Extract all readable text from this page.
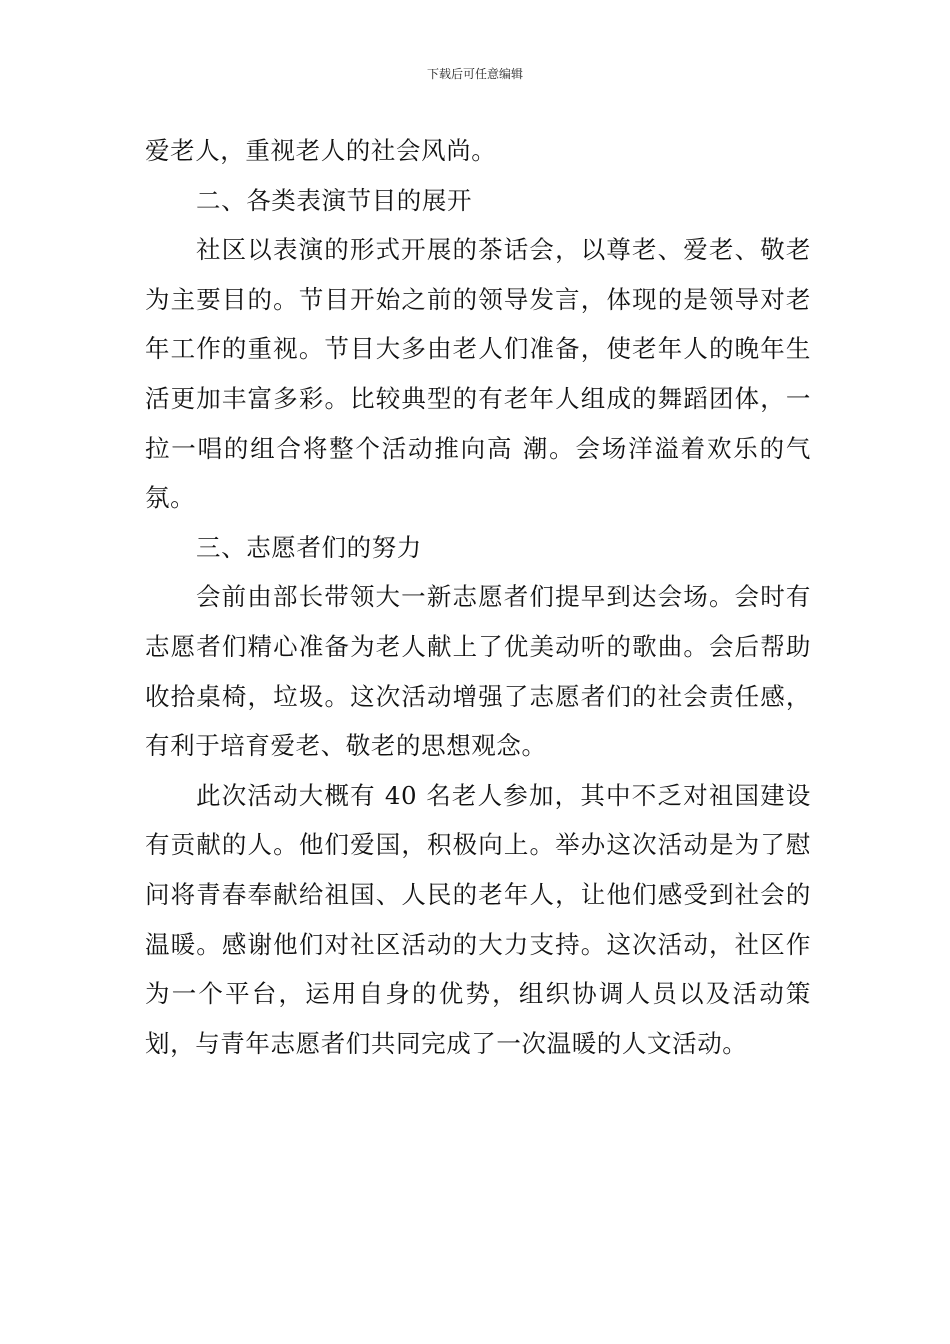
下载后可任意编辑

爱老人，重视老人的社会风尚。

二、各类表演节目的展开

社区以表演的形式开展的茶话会，以尊老、爱老、敬老为主要目的。节目开始之前的领导发言，体现的是领导对老年工作的重视。节目大多由老人们准备，使老年人的晚年生活更加丰富多彩。比较典型的有老年人组成的舞蹈团体，一拉一唱的组合将整个活动推向高 潮。会场洋溢着欢乐的气氛。

三、志愿者们的努力

会前由部长带领大一新志愿者们提早到达会场。会时有志愿者们精心准备为老人献上了优美动听的歌曲。会后帮助收拾桌椅，垃圾。这次活动增强了志愿者们的社会责任感，有利于培育爱老、敬老的思想观念。

此次活动大概有 40 名老人参加，其中不乏对祖国建设有贡献的人。他们爱国，积极向上。举办这次活动是为了慰问将青春奉献给祖国、人民的老年人，让他们感受到社会的温暖。感谢他们对社区活动的大力支持。这次活动，社区作为一个平台，运用自身的优势，组织协调人员以及活动策划，与青年志愿者们共同完成了一次温暖的人文活动。
